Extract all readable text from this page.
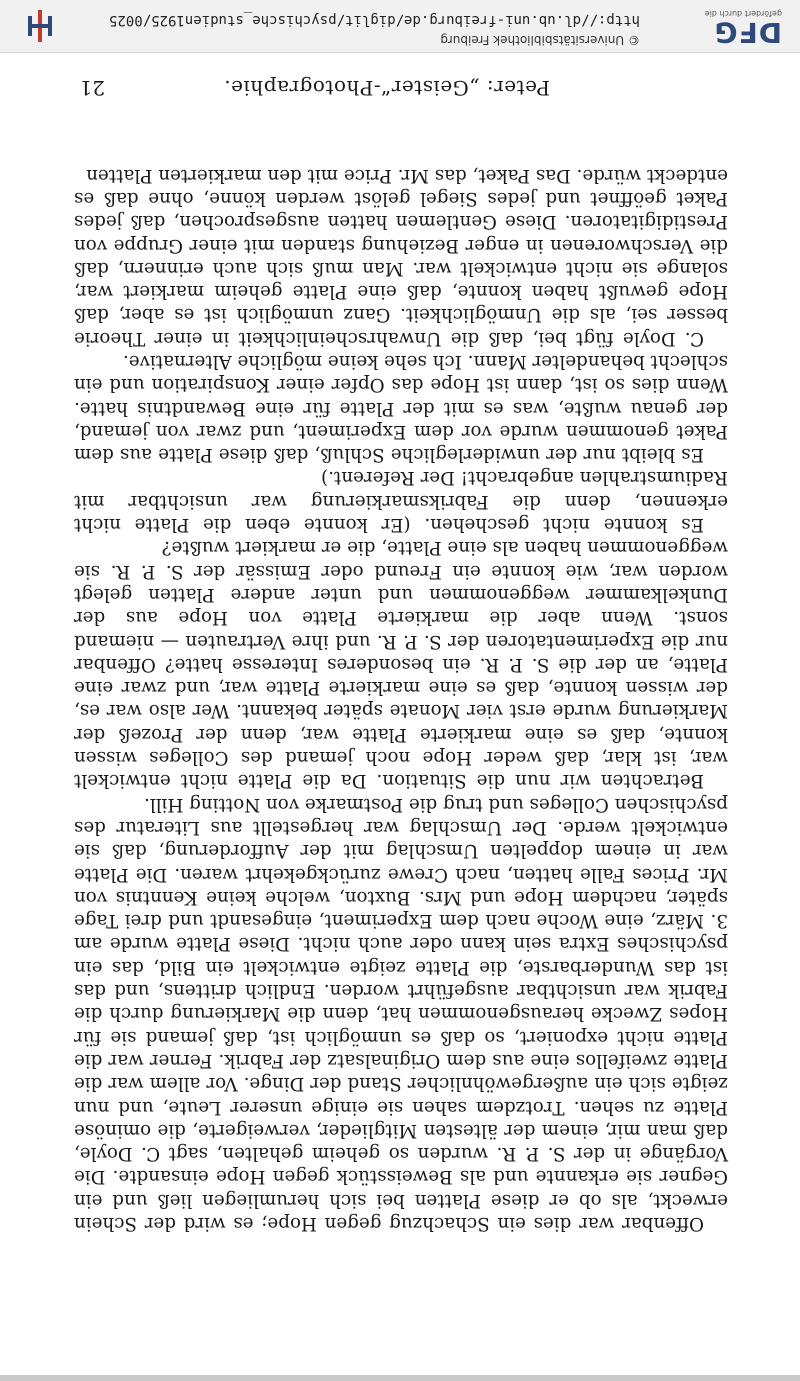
Peter: „Geister“-Photographie.
21

Offenbar war dies ein Schachzug gegen Hope; es wird der Schein erweckt, als ob er diese Platten bei sich herumliegen ließ und ein Gegner sie erkannte und als Beweisstück gegen Hope einsandte. Die Vorgänge in der S. P. R. wurden so geheim gehalten, sagt C. Doyle, daß man mir, einem der ältesten Mitglieder, verweigerte, die ominöse Platte zu sehen. Trotzdem sahen sie einige unserer Leute, und nun zeigte sich ein außergewöhnlicher Stand der Dinge. Vor allem war die Platte zweifellos eine aus dem Originalsatz der Fabrik. Ferner war die Platte nicht exponiert, so daß es unmöglich ist, daß jemand sie für Hopes Zwecke herausgenommen hat, denn die Markierung durch die Fabrik war unsichtbar ausgeführt worden. Endlich drittens, und das ist das Wunderbarste, die Platte zeigte entwickelt ein Bild, das ein psychisches Extra sein kann oder auch nicht. Diese Platte wurde am 3. März, eine Woche nach dem Experiment, eingesandt und drei Tage später, nachdem Hope und Mrs. Buxton, welche keine Kenntnis von Mr. Prices Falle hatten, nach Crewe zurückgekehrt waren. Die Platte war in einem doppelten Umschlag mit der Aufforderung, daß sie entwickelt werde. Der Umschlag war hergestellt aus Literatur des psychischen Colleges und trug die Postmarke von Notting Hill.

Betrachten wir nun die Situation. Da die Platte nicht entwickelt war, ist klar, daß weder Hope noch jemand des Colleges wissen konnte, daß es eine markierte Platte war, denn der Prozeß der Markierung wurde erst vier Monate später bekannt. Wer also war es, der wissen konnte, daß es eine markierte Platte war, und zwar eine Platte, an der die S. P. R. ein besonderes Interesse hatte? Offenbar nur die Experimentatoren der S. P. R. und ihre Vertrauten — niemand sonst. Wenn aber die markierte Platte von Hope aus der Dunkelkammer weggenommen und unter andere Platten gelegt worden war, wie konnte ein Freund oder Emissär der S. P. R. sie weggenommen haben als eine Platte, die er markiert wußte?

Es konnte nicht geschehen. (Er konnte eben die Platte nicht erkennen, denn die Fabriksmarkierung war unsichtbar mit Radiumstrahlen angebracht! Der Referent.)

Es bleibt nur der unwiderlegliche Schluß, daß diese Platte aus dem Paket genommen wurde vor dem Experiment, und zwar von jemand, der genau wußte, was es mit der Platte für eine Bewandtnis hatte. Wenn dies so ist, dann ist Hope das Opfer einer Konspiration und ein schlecht behandelter Mann. Ich sehe keine mögliche Alternative.

C. Doyle fügt bei, daß die Unwahrscheinlichkeit in einer Theorie besser sei, als die Unmöglichkeit. Ganz unmöglich ist es aber, daß Hope gewußt haben konnte, daß eine Platte geheim markiert war, solange sie nicht entwickelt war. Man muß sich auch erinnern, daß die Verschworenen in enger Beziehung standen mit einer Gruppe von Prestidigitatoren. Diese Gentlemen hatten ausgesprochen, daß jedes Paket geöffnet und jedes Siegel gelöst werden könne, ohne daß es entdeckt würde. Das Paket, das Mr. Price mit den markierten Platten

DFG
gefördert durch die
© Universitätsbibliothek Freiburg
http://dl.ub.uni-freiburg.de/diglit/psychische_studien1925/0025
